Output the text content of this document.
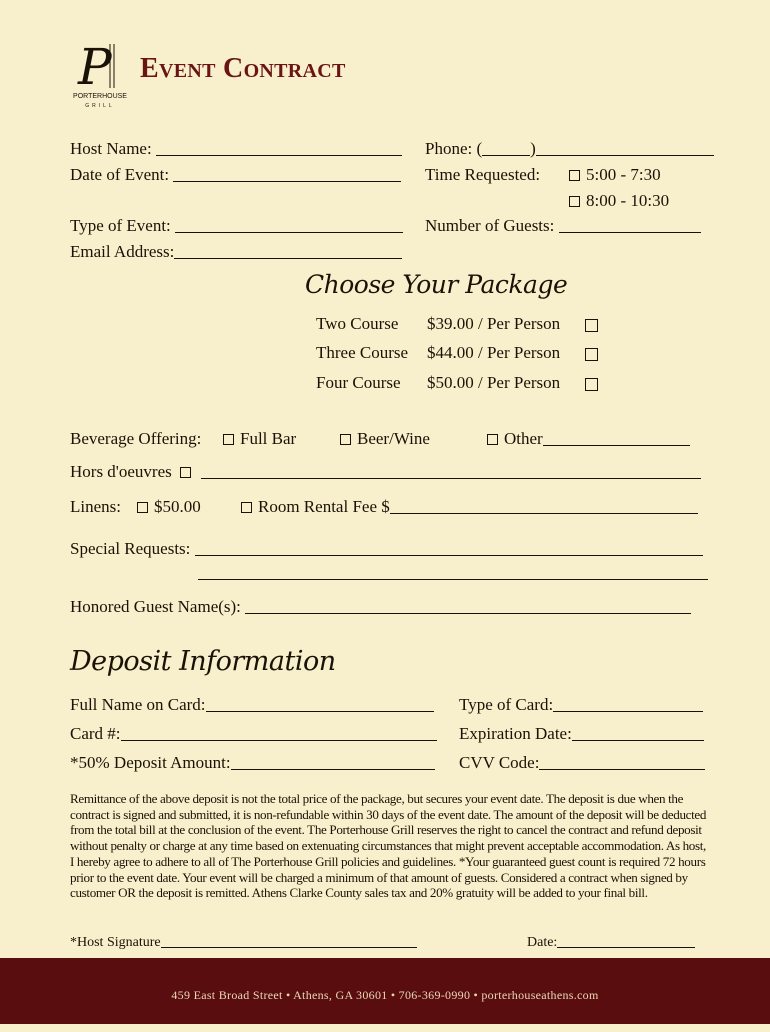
P
PORTERHOUSE
GRILL
Event Contract
Host Name:	Phone: (	)
Date of Event:	Time Requested:	5:00 - 7:30
8:00 - 10:30
Type of Event:	Number of Guests:
Email Address:
Choose Your Package
Two Course $39.00 / Per Person
Three Course $44.00 / Per Person
Four Course $50.00 / Per Person
Beverage Offering:	Full Bar	Beer/Wine	Other
Hors d'oeuvres
Linens:	$50.00	Room Rental Fee $
Special Requests:
Honored Guest Name(s):
Deposit Information
Full Name on Card:	Type of Card:
Card #:	Expiration Date:
*50% Deposit Amount:	CVV Code:
Remittance of the above deposit is not the total price of the package, but secures your event date. The deposit is due when the contract is signed and submitted, it is non-refundable within 30 days of the event date. The amount of the deposit will be deducted from the total bill at the conclusion of the event. The Porterhouse Grill reserves the right to cancel the contract and refund deposit without penalty or charge at any time based on extenuating circumstances that might prevent acceptable accommodation. As host, I hereby agree to adhere to all of The Porterhouse Grill policies and guidelines. *Your guaranteed guest count is required 72 hours prior to the event date. Your event will be charged a minimum of that amount of guests. Considered a contract when signed by customer OR the deposit is remitted. Athens Clarke County sales tax and 20% gratuity will be added to your final bill.
*Host Signature	Date:
459 East Broad Street • Athens, GA 30601 • 706-369-0990 • porterhouseathens.com
